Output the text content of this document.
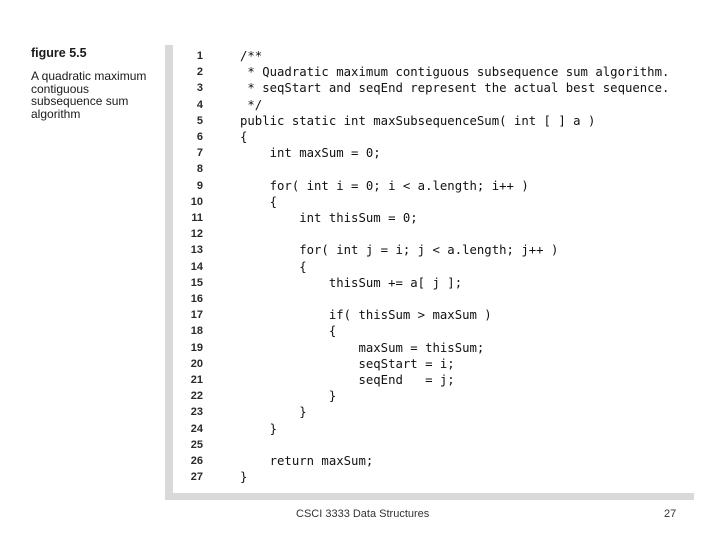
figure 5.5
A quadratic maximum
contiguous
subsequence sum
algorithm
1	/**
2	* Quadratic maximum contiguous subsequence sum algorithm.
3	* seqStart and seqEnd represent the actual best sequence.
4	*/
5	public static int maxSubsequenceSum( int [ ] a )
6	{
7	int maxSum = 0;
8
9	for( int i = 0; i < a.length; i++ )
10	{
11	int thisSum = 0;
12
13	for( int j = i; j < a.length; j++ )
14	{
15	thisSum += a[ j ];
16
17	if( thisSum > maxSum )
18	{
19	maxSum = thisSum;
20	seqStart = i;
21	seqEnd   = j;
22	}
23	}
24	}
25
26	return maxSum;
27	}
CSCI 3333 Data Structures	27
